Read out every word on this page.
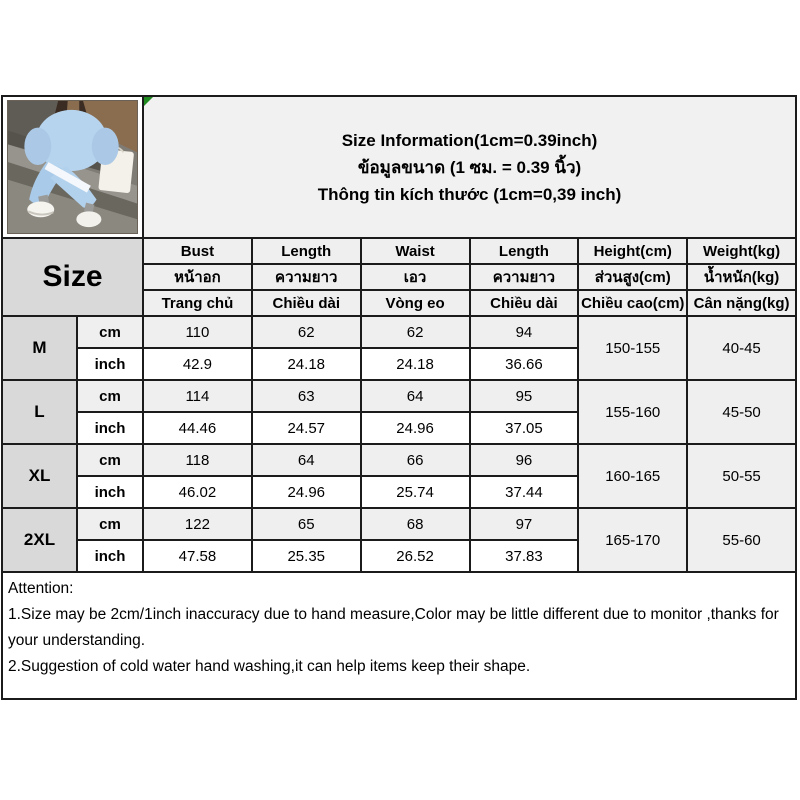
Size Information(1cm=0.39inch)
ข้อมูลขนาด (1 ซม. = 0.39 นิ้ว)
Thông tin kích thước (1cm=0,39 inch)
Size
Bust	Length	Waist	Length	Height(cm)	Weight(kg)
หน้าอก	ความยาว	เอว	ความยาว	ส่วนสูง(cm)	น้ำหนัก(kg)
Trang chủ	Chiều dài	Vòng eo	Chiều dài	Chiều cao(cm) Cân nặng(kg)
M
cm	110	62	62	94
150-155	40-45
inch	42.9	24.18	24.18	36.66
L
cm	114	63	64	95
155-160	45-50
inch	44.46	24.57	24.96	37.05
XL
cm	118	64	66	96
160-165	50-55
inch	46.02	24.96	25.74	37.44
2XL
cm	122	65	68	97
165-170	55-60
inch	47.58	25.35	26.52	37.83
Attention:
1.Size may be 2cm/1inch inaccuracy due to hand measure,Color may be little different due to monitor ,thanks for your understanding.
2.Suggestion of cold water hand washing,it can help items keep their shape.
